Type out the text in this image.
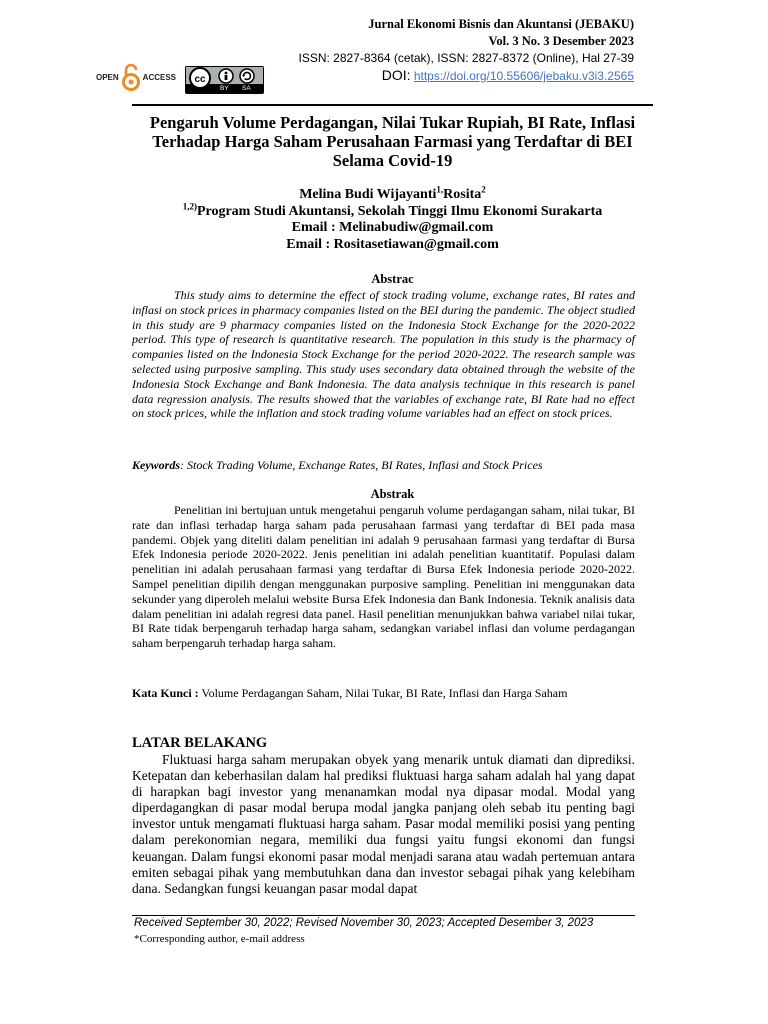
Jurnal Ekonomi Bisnis dan Akuntansi (JEBAKU)
Vol. 3 No. 3 Desember 2023
ISSN: 2827-8364 (cetak), ISSN: 2827-8372 (Online), Hal 27-39
DOI: https://doi.org/10.55606/jebaku.v3i3.2565
OPEN	ACCESS cc
BY SA
Pengaruh Volume Perdagangan, Nilai Tukar Rupiah, BI Rate, Inflasi Terhadap Harga Saham Perusahaan Farmasi yang Terdaftar di BEI Selama Covid-19
Melina Budi Wijayanti$^{1,}$Rosita$^2$
$^{1,2)}$Program Studi Akuntansi, Sekolah Tinggi Ilmu Ekonomi Surakarta
Email : Melinabudiw@gmail.com
Email : Rositasetiawan@gmail.com
Abstrac
This study aims to determine the effect of stock trading volume, exchange rates, BI rates and inflasi on stock prices in pharmacy companies listed on the BEI during the pandemic. The object studied in this study are 9 pharmacy companies listed on the Indonesia Stock Exchange for the 2020-2022 period. This type of research is quantitative research. The population in this study is the pharmacy of companies listed on the Indonesia Stock Exchange for the period 2020-2022. The research sample was selected using purposive sampling. This study uses secondary data obtained through the website of the Indonesia Stock Exchange and Bank Indonesia. The data analysis technique in this research is panel data regression analysis. The results showed that the variables of exchange rate, BI Rate had no effect on stock prices, while the inflation and stock trading volume variables had an effect on stock prices.
Keywords: Stock Trading Volume, Exchange Rates, BI Rates, Inflasi and Stock Prices
Abstrak
Penelitian ini bertujuan untuk mengetahui pengaruh volume perdagangan saham, nilai tukar, BI rate dan inflasi terhadap harga saham pada perusahaan farmasi yang terdaftar di BEI pada masa pandemi. Objek yang diteliti dalam penelitian ini adalah 9 perusahaan farmasi yang terdaftar di Bursa Efek Indonesia periode 2020-2022. Jenis penelitian ini adalah penelitian kuantitatif. Populasi dalam penelitian ini adalah perusahaan farmasi yang terdaftar di Bursa Efek Indonesia periode 2020-2022. Sampel penelitian dipilih dengan menggunakan purposive sampling. Penelitian ini menggunakan data sekunder yang diperoleh melalui website Bursa Efek Indonesia dan Bank Indonesia. Teknik analisis data dalam penelitian ini adalah regresi data panel. Hasil penelitian menunjukkan bahwa variabel nilai tukar, BI Rate tidak berpengaruh terhadap harga saham, sedangkan variabel inflasi dan volume perdagangan saham berpengaruh terhadap harga saham.
Kata Kunci : Volume Perdagangan Saham, Nilai Tukar, BI Rate, Inflasi dan Harga Saham
LATAR BELAKANG
Fluktuasi harga saham merupakan obyek yang menarik untuk diamati dan diprediksi. Ketepatan dan keberhasilan dalam hal prediksi fluktuasi harga saham adalah hal yang dapat di harapkan bagi investor yang menanamkan modal nya dipasar modal. Modal yang diperdagangkan di pasar modal berupa modal jangka panjang oleh sebab itu penting bagi investor untuk mengamati fluktuasi harga saham. Pasar modal memiliki posisi yang penting dalam perekonomian negara, memiliki dua fungsi yaitu fungsi ekonomi dan fungsi keuangan. Dalam fungsi ekonomi pasar modal menjadi sarana atau wadah pertemuan antara emiten sebagai pihak yang membutuhkan dana dan investor sebagai pihak yang kelebiham dana. Sedangkan fungsi keuangan pasar modal dapat
Received September 30, 2022; Revised November 30, 2023; Accepted Desember 3, 2023
*Corresponding author, e-mail address
